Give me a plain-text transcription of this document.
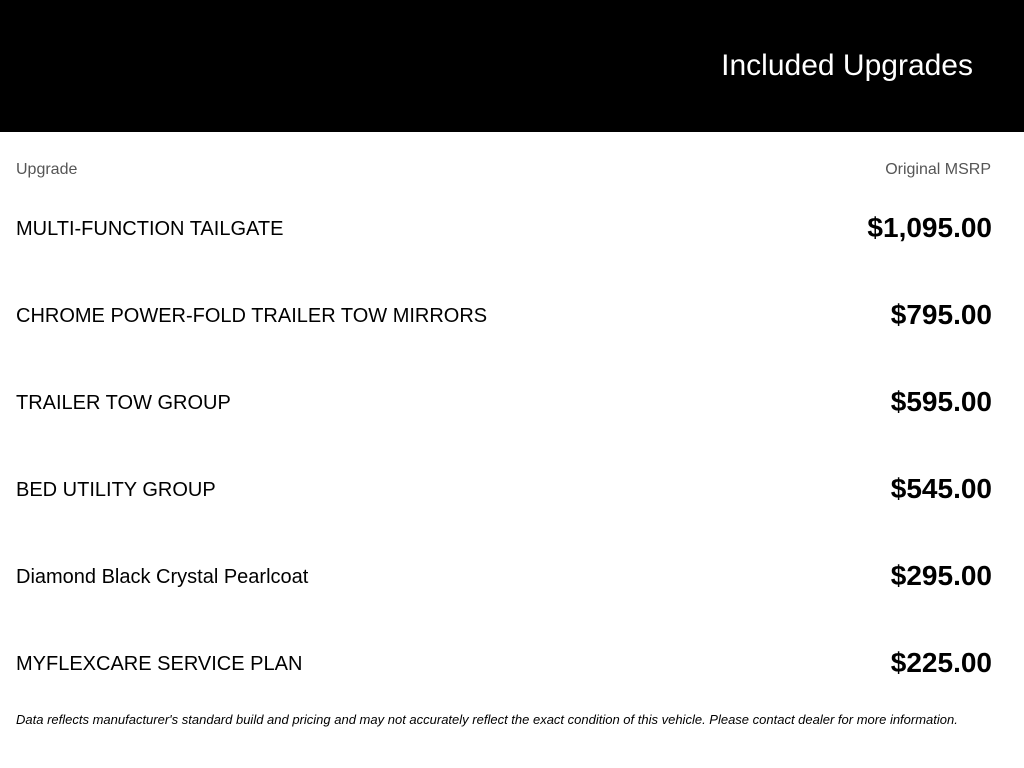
Included Upgrades
Upgrade	Original MSRP
MULTI-FUNCTION TAILGATE	$1,095.00
CHROME POWER-FOLD TRAILER TOW MIRRORS	$795.00
TRAILER TOW GROUP	$595.00
BED UTILITY GROUP	$545.00
Diamond Black Crystal Pearlcoat	$295.00
MYFLEXCARE SERVICE PLAN	$225.00
Data reflects manufacturer's standard build and pricing and may not accurately reflect the exact condition of this vehicle. Please contact dealer for more information.
